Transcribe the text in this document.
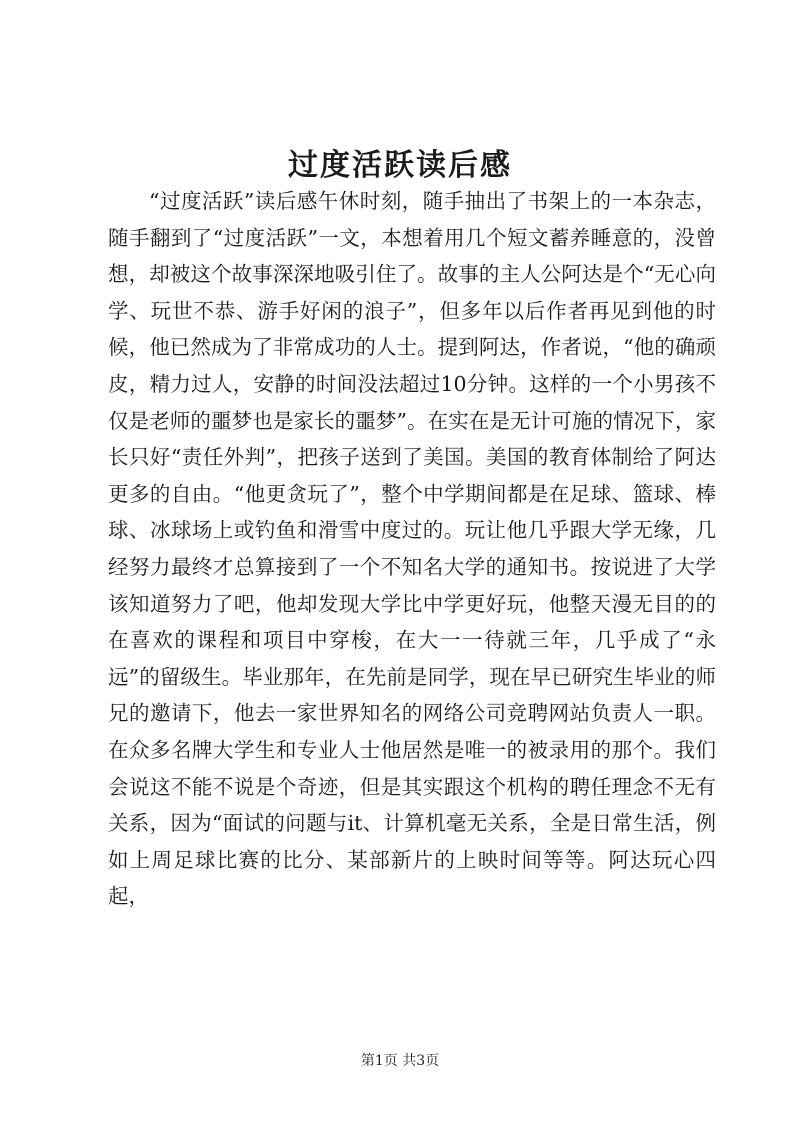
过度活跃读后感

“过度活跃”读后感午休时刻，随手抽出了书架上的一本杂志，随手翻到了“过度活跃”一文，本想着用几个短文蓄养睡意的，没曾想，却被这个故事深深地吸引住了。故事的主人公阿达是个“无心向学、玩世不恭、游手好闲的浪子”，但多年以后作者再见到他的时候，他已然成为了非常成功的人士。提到阿达，作者说，“他的确顽皮，精力过人，安静的时间没法超过10分钟。这样的一个小男孩不仅是老师的噩梦也是家长的噩梦”。在实在是无计可施的情况下，家长只好“责任外判”，把孩子送到了美国。美国的教育体制给了阿达更多的自由。“他更贪玩了”，整个中学期间都是在足球、篮球、棒球、冰球场上或钓鱼和滑雪中度过的。玩让他几乎跟大学无缘，几经努力最终才总算接到了一个不知名大学的通知书。按说进了大学该知道努力了吧，他却发现大学比中学更好玩，他整天漫无目的的在喜欢的课程和项目中穿梭，在大一一待就三年，几乎成了“永远”的留级生。毕业那年，在先前是同学，现在早已研究生毕业的师兄的邀请下，他去一家世界知名的网络公司竞聘网站负责人一职。在众多名牌大学生和专业人士他居然是唯一的被录用的那个。我们会说这不能不说是个奇迹，但是其实跟这个机构的聘任理念不无有关系，因为“面试的问题与it、计算机毫无关系，全是日常生活，例如上周足球比赛的比分、某部新片的上映时间等等。阿达玩心四起，

第1页 共3页
